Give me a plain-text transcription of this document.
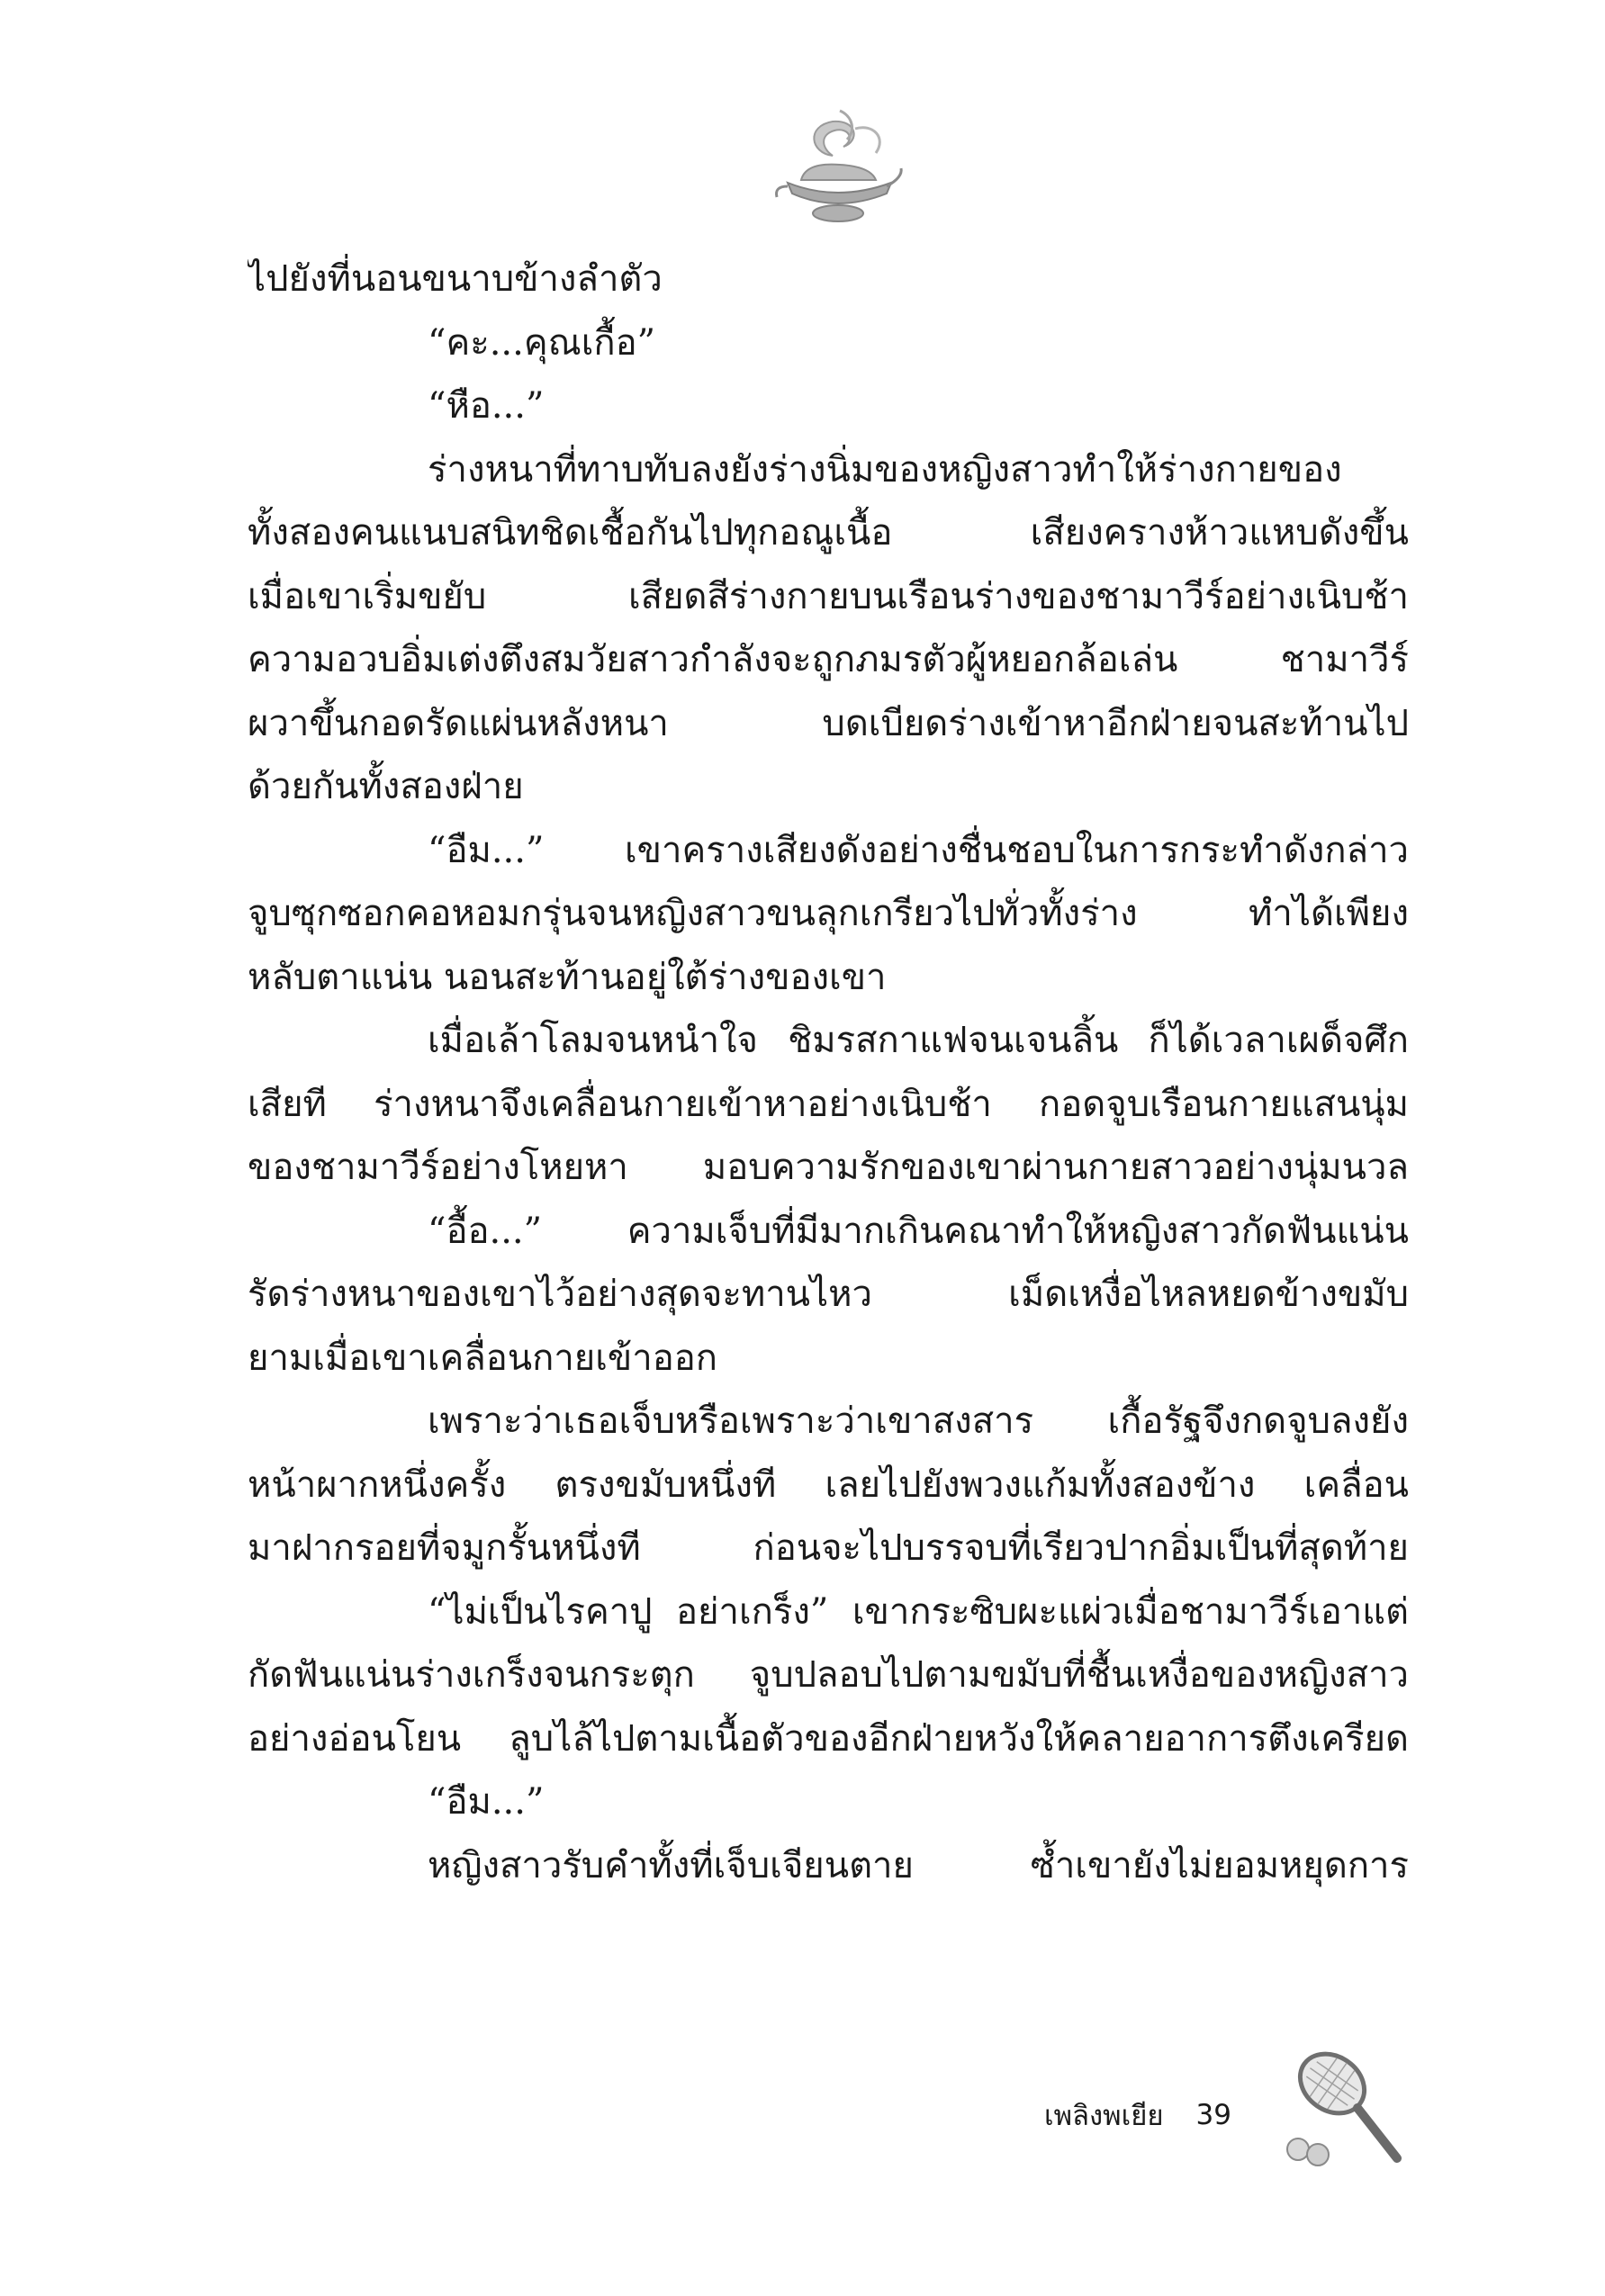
ไปยังที่นอนขนาบข้างลำตัว
“คะ...คุณเกื้อ”
“หือ...”
ร่างหนาที่ทาบทับลงยังร่างนิ่มของหญิงสาวทำให้ร่างกายของ
ทั้งสองคนแนบสนิทชิดเชื้อกันไปทุกอณูเนื้อ เสียงครางห้าวแหบดังขึ้น
เมื่อเขาเริ่มขยับ เสียดสีร่างกายบนเรือนร่างของชามาวีร์อย่างเนิบช้า
ความอวบอิ่มเต่งตึงสมวัยสาวกำลังจะถูกภมรตัวผู้หยอกล้อเล่น ชามาวีร์
ผวาขึ้นกอดรัดแผ่นหลังหนา บดเบียดร่างเข้าหาอีกฝ่ายจนสะท้านไป
ด้วยกันทั้งสองฝ่าย
“อืม...” เขาครางเสียงดังอย่างชื่นชอบในการกระทำดังกล่าว
จูบซุกซอกคอหอมกรุ่นจนหญิงสาวขนลุกเกรียวไปทั่วทั้งร่าง ทำได้เพียง
หลับตาแน่น นอนสะท้านอยู่ใต้ร่างของเขา
เมื่อเล้าโลมจนหนำใจ ชิมรสกาแฟจนเจนลิ้น ก็ได้เวลาเผด็จศึก
เสียที ร่างหนาจึงเคลื่อนกายเข้าหาอย่างเนิบช้า กอดจูบเรือนกายแสนนุ่ม
ของชามาวีร์อย่างโหยหา มอบความรักของเขาผ่านกายสาวอย่างนุ่มนวล
“อื้อ...” ความเจ็บที่มีมากเกินคณาทำให้หญิงสาวกัดฟันแน่น
รัดร่างหนาของเขาไว้อย่างสุดจะทานไหว เม็ดเหงื่อไหลหยดข้างขมับ
ยามเมื่อเขาเคลื่อนกายเข้าออก
เพราะว่าเธอเจ็บหรือเพราะว่าเขาสงสาร เกื้อรัฐจึงกดจูบลงยัง
หน้าผากหนึ่งครั้ง ตรงขมับหนึ่งที เลยไปยังพวงแก้มทั้งสองข้าง เคลื่อน
มาฝากรอยที่จมูกรั้นหนึ่งที ก่อนจะไปบรรจบที่เรียวปากอิ่มเป็นที่สุดท้าย
“ไม่เป็นไรคาปู อย่าเกร็ง” เขากระซิบผะแผ่วเมื่อชามาวีร์เอาแต่
กัดฟันแน่นร่างเกร็งจนกระตุก จูบปลอบไปตามขมับที่ชื้นเหงื่อของหญิงสาว
อย่างอ่อนโยน ลูบไล้ไปตามเนื้อตัวของอีกฝ่ายหวังให้คลายอาการตึงเครียด
“อืม...”
หญิงสาวรับคำทั้งที่เจ็บเจียนตาย ซ้ำเขายังไม่ยอมหยุดการ
เพลิงพเยีย 39
